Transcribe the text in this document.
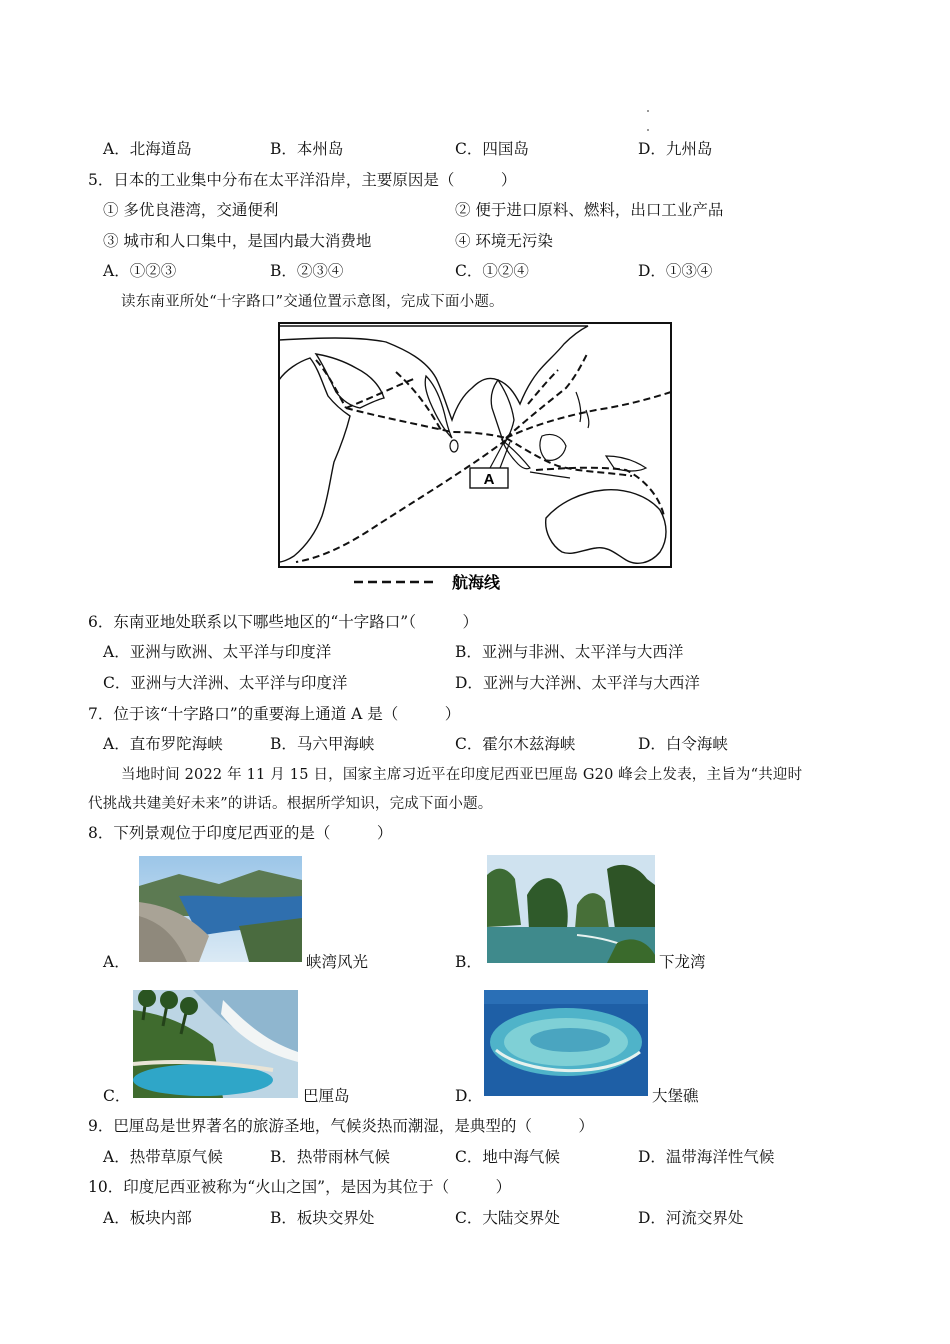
A．北海道岛	B．本州岛	C．四国岛	D．九州岛
5．日本的工业集中分布在太平洋沿岸，主要原因是（　　　）
① 多优良港湾，交通便利	② 便于进口原料、燃料，出口工业产品
③ 城市和人口集中，是国内最大消费地	④ 环境无污染
A．①②③	B．②③④	C．①②④	D．①③④
读东南亚所处“十字路口”交通位置示意图，完成下面小题。
A
航海线
6．东南亚地处联系以下哪些地区的“十字路口”（　　　）
A．亚洲与欧洲、太平洋与印度洋	B．亚洲与非洲、太平洋与大西洋
C．亚洲与大洋洲、太平洋与印度洋	D．亚洲与大洋洲、太平洋与大西洋
7．位于该“十字路口”的重要海上通道 A 是（　　　）
A．直布罗陀海峡	B．马六甲海峡	C．霍尔木兹海峡	D．白令海峡
当地时间 2022 年 11 月 15 日，国家主席习近平在印度尼西亚巴厘岛 G20 峰会上发表，主旨为“共迎时
代挑战共建美好未来”的讲话。根据所学知识，完成下面小题。
8．下列景观位于印度尼西亚的是（　　　）
A．	峡湾风光	B．	下龙湾
C．	巴厘岛	D．	大堡礁
9．巴厘岛是世界著名的旅游圣地，气候炎热而潮湿，是典型的（　　　）
A．热带草原气候	B．热带雨林气候	C．地中海气候	D．温带海洋性气候
10．印度尼西亚被称为“火山之国”，是因为其位于（　　　）
A．板块内部	B．板块交界处	C．大陆交界处	D．河流交界处
